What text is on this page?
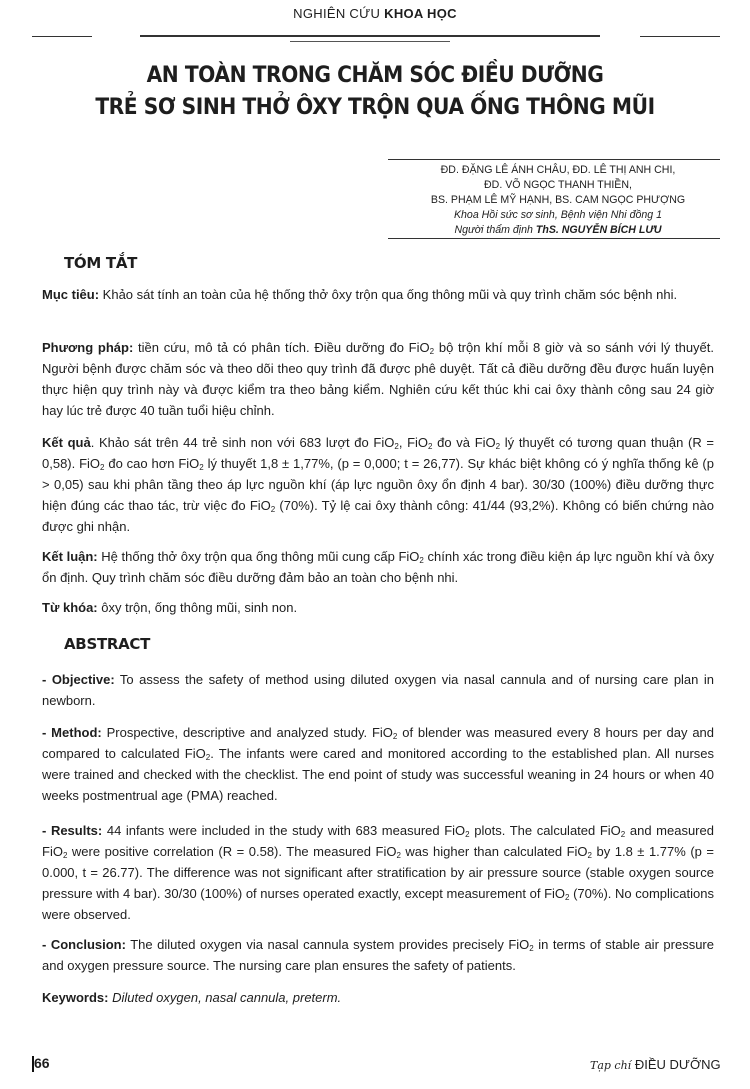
NGHIÊN CỨU KHOA HỌC
AN TOÀN TRONG CHĂM SÓC ĐIỀU DƯỠNG
TRẺ SƠ SINH THỞ ÔXY TRỘN QUA ỐNG THÔNG MŨI
ĐD. ĐẶNG LÊ ÁNH CHÂU, ĐD. LÊ THỊ ANH CHI,
ĐD. VÕ NGỌC THANH THIỀN,
BS. PHẠM LÊ MỸ HẠNH, BS. CAM NGỌC PHƯỢNG
Khoa Hồi sức sơ sinh, Bệnh viện Nhi đồng 1
Người thẩm định ThS. NGUYỄN BÍCH LƯU
TÓM TẮT
Mục tiêu: Khảo sát tính an toàn của hệ thống thở ôxy trộn qua ống thông mũi và quy trình chăm sóc bệnh nhi.
Phương pháp: tiền cứu, mô tả có phân tích. Điều dưỡng đo FiO$_2$ bộ trộn khí mỗi 8 giờ và so sánh với lý thuyết. Người bệnh được chăm sóc và theo dõi theo quy trình đã được phê duyệt. Tất cả điều dưỡng đều được huấn luyện thực hiện quy trình này và được kiểm tra theo bảng kiểm. Nghiên cứu kết thúc khi cai ôxy thành công sau 24 giờ hay lúc trẻ được 40 tuần tuổi hiệu chỉnh.
Kết quả. Khảo sát trên 44 trẻ sinh non với 683 lượt đo FiO$_2$, FiO$_2$ đo và FiO$_2$ lý thuyết có tương quan thuận (R = 0,58). FiO$_2$ đo cao hơn FiO$_2$ lý thuyết 1,8 ± 1,77%, (p = 0,000; t = 26,77). Sự khác biệt không có ý nghĩa thống kê (p > 0,05) sau khi phân tầng theo áp lực nguồn khí (áp lực nguồn ôxy ổn định 4 bar). 30/30 (100%) điều dưỡng thực hiện đúng các thao tác, trừ việc đo FiO$_2$ (70%). Tỷ lệ cai ôxy thành công: 41/44 (93,2%). Không có biến chứng nào được ghi nhận.
Kết luận: Hệ thống thở ôxy trộn qua ống thông mũi cung cấp FiO$_2$ chính xác trong điều kiện áp lực nguồn khí và ôxy ổn định. Quy trình chăm sóc điều dưỡng đảm bảo an toàn cho bệnh nhi.
Từ khóa: ôxy trộn, ống thông mũi, sinh non.
ABSTRACT
- Objective: To assess the safety of method using diluted oxygen via nasal cannula and of nursing care plan in newborn.
- Method: Prospective, descriptive and analyzed study. FiO$_2$ of blender was measured every 8 hours per day and compared to calculated FiO$_2$. The infants were cared and monitored according to the established plan. All nurses were trained and checked with the checklist. The end point of study was successful weaning in 24 hours or when 40 weeks postmentrual age (PMA) reached.
- Results: 44 infants were included in the study with 683 measured FiO$_2$ plots. The calculated FiO$_2$ and measured FiO$_2$ were positive correlation (R = 0.58). The measured FiO$_2$ was higher than calculated FiO$_2$ by 1.8 ± 1.77% (p = 0.000, t = 26.77). The difference was not significant after stratification by air pressure source (stable oxygen source pressure with 4 bar). 30/30 (100%) of nurses operated exactly, except measurement of FiO$_2$ (70%). No complications were observed.
- Conclusion: The diluted oxygen via nasal cannula system provides precisely FiO$_2$ in terms of stable air pressure and oxygen pressure source. The nursing care plan ensures the safety of patients.
Keywords: Diluted oxygen, nasal cannula, preterm.
66	Tạp chí ĐIỀU DƯỠNG
